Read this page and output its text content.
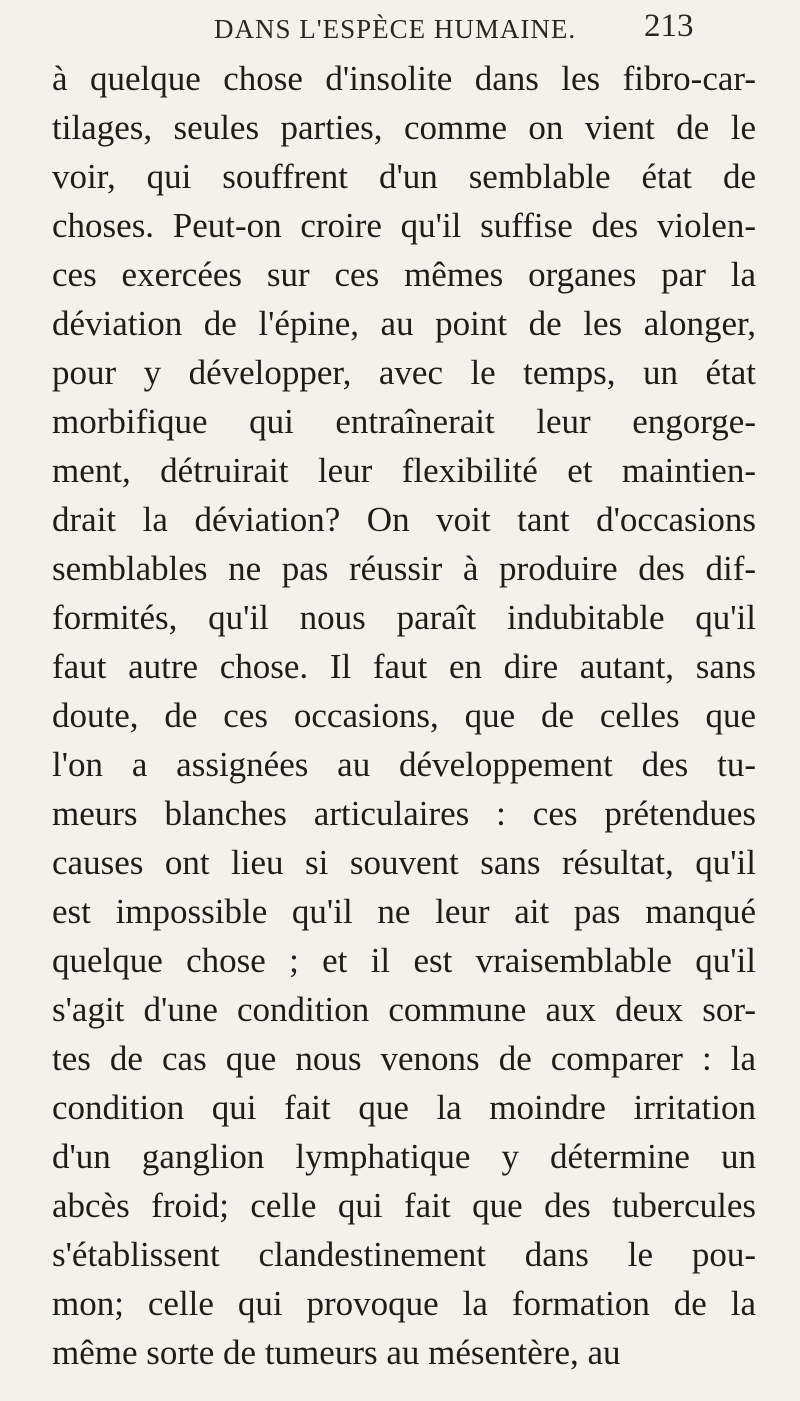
DANS L'ESPÈCE HUMAINE. 213
à quelque chose d'insolite dans les fibro-car-
tilages, seules parties, comme on vient de le
voir, qui souffrent d'un semblable état de
choses. Peut-on croire qu'il suffise des violen-
ces exercées sur ces mêmes organes par la
déviation de l'épine, au point de les alonger,
pour y développer, avec le temps, un état
morbifique qui entraînerait leur engorge-
ment, détruirait leur flexibilité et maintien-
drait la déviation? On voit tant d'occasions
semblables ne pas réussir à produire des dif-
formités, qu'il nous paraît indubitable qu'il
faut autre chose. Il faut en dire autant, sans
doute, de ces occasions, que de celles que
l'on a assignées au développement des tu-
meurs blanches articulaires : ces prétendues
causes ont lieu si souvent sans résultat, qu'il
est impossible qu'il ne leur ait pas manqué
quelque chose ; et il est vraisemblable qu'il
s'agit d'une condition commune aux deux sor-
tes de cas que nous venons de comparer : la
condition qui fait que la moindre irritation
d'un ganglion lymphatique y détermine un
abcès froid; celle qui fait que des tubercules
s'établissent clandestinement dans le pou-
mon; celle qui provoque la formation de la
même sorte de tumeurs au mésentère, au
